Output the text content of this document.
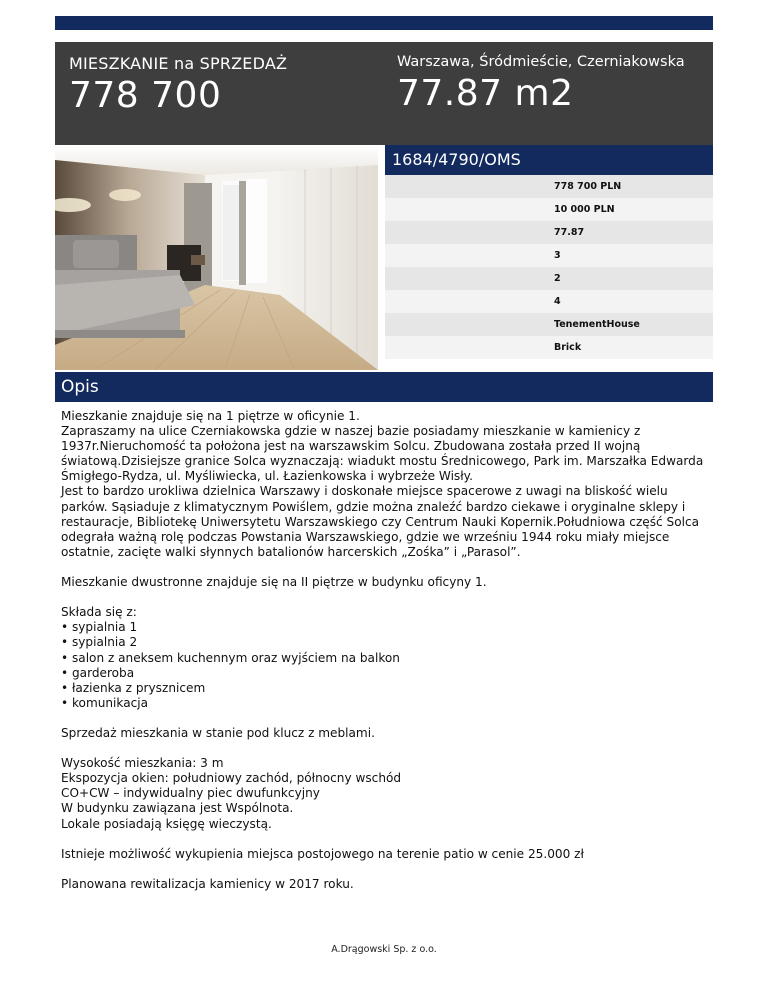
MIESZKANIE na SPRZEDAŻ
778 700
Warszawa, Śródmieście, Czerniakowska
77.87 m2
1684/4790/OMS
778 700 PLN
10 000 PLN
77.87
3
2
4
TenementHouse
Brick
Opis

Mieszkanie znajduje się na 1 piętrze w oficynie 1.
Zapraszamy na ulice Czerniakowska gdzie w naszej bazie posiadamy mieszkanie w kamienicy z 1937r.Nieruchomość ta położona jest na warszawskim Solcu. Zbudowana została przed II wojną światową.Dzisiejsze granice Solca wyznaczają: wiadukt mostu Średnicowego, Park im. Marszałka Edwarda Śmigłego-Rydza, ul. Myśliwiecka, ul. Łazienkowska i wybrzeże Wisły.
Jest to bardzo urokliwa dzielnica Warszawy i doskonałe miejsce spacerowe z uwagi na bliskość wielu parków. Sąsiaduje z klimatycznym Powiślem, gdzie można znaleźć bardzo ciekawe i oryginalne sklepy i restauracje, Bibliotekę Uniwersytetu Warszawskiego czy Centrum Nauki Kopernik.Południowa część Solca odegrała ważną rolę podczas Powstania Warszawskiego, gdzie we wrześniu 1944 roku miały miejsce ostatnie, zacięte walki słynnych batalionów harcerskich „Zośka” i „Parasol”.

Mieszkanie dwustronne znajduje się na II piętrze w budynku oficyny 1.

Składa się z:
• sypialnia 1
• sypialnia 2
• salon z aneksem kuchennym oraz wyjściem na balkon
• garderoba
• łazienka z prysznicem
• komunikacja

Sprzedaż mieszkania w stanie pod klucz z meblami.

Wysokość mieszkania: 3 m
Ekspozycja okien: południowy zachód, północny wschód
CO+CW – indywidualny piec dwufunkcyjny
W budynku zawiązana jest Wspólnota.
Lokale posiadają księgę wieczystą.

Istnieje możliwość wykupienia miejsca postojowego na terenie patio w cenie 25.000 zł

Planowana rewitalizacja kamienicy w 2017 roku.

A.Drągowski Sp. z o.o.
